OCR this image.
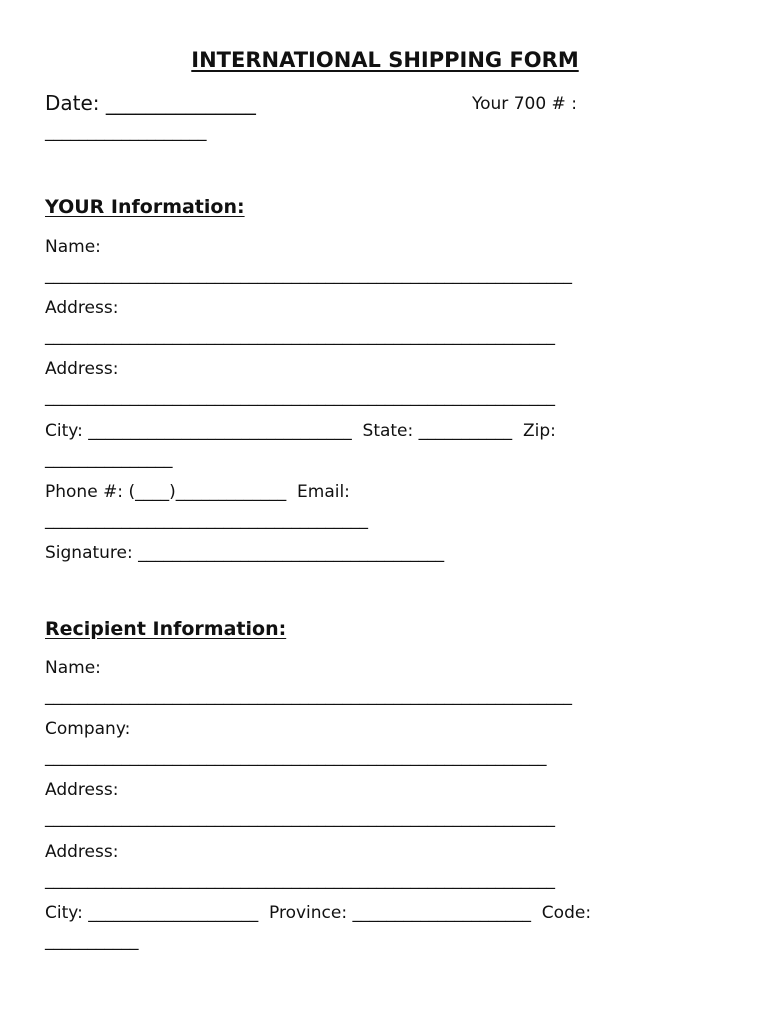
INTERNATIONAL SHIPPING FORM
Date: _______________	Your 700 # :
___________________
YOUR Information:
Name:
______________________________________________________________
Address:
____________________________________________________________
Address:
____________________________________________________________
City: _______________________________  State: ___________  Zip:
_______________
Phone #: (____)_____________  Email:
______________________________________
Signature: ____________________________________
Recipient Information:
Name:
______________________________________________________________
Company:
___________________________________________________________
Address:
____________________________________________________________
Address:
____________________________________________________________
City: ____________________  Province: _____________________  Code:
___________
